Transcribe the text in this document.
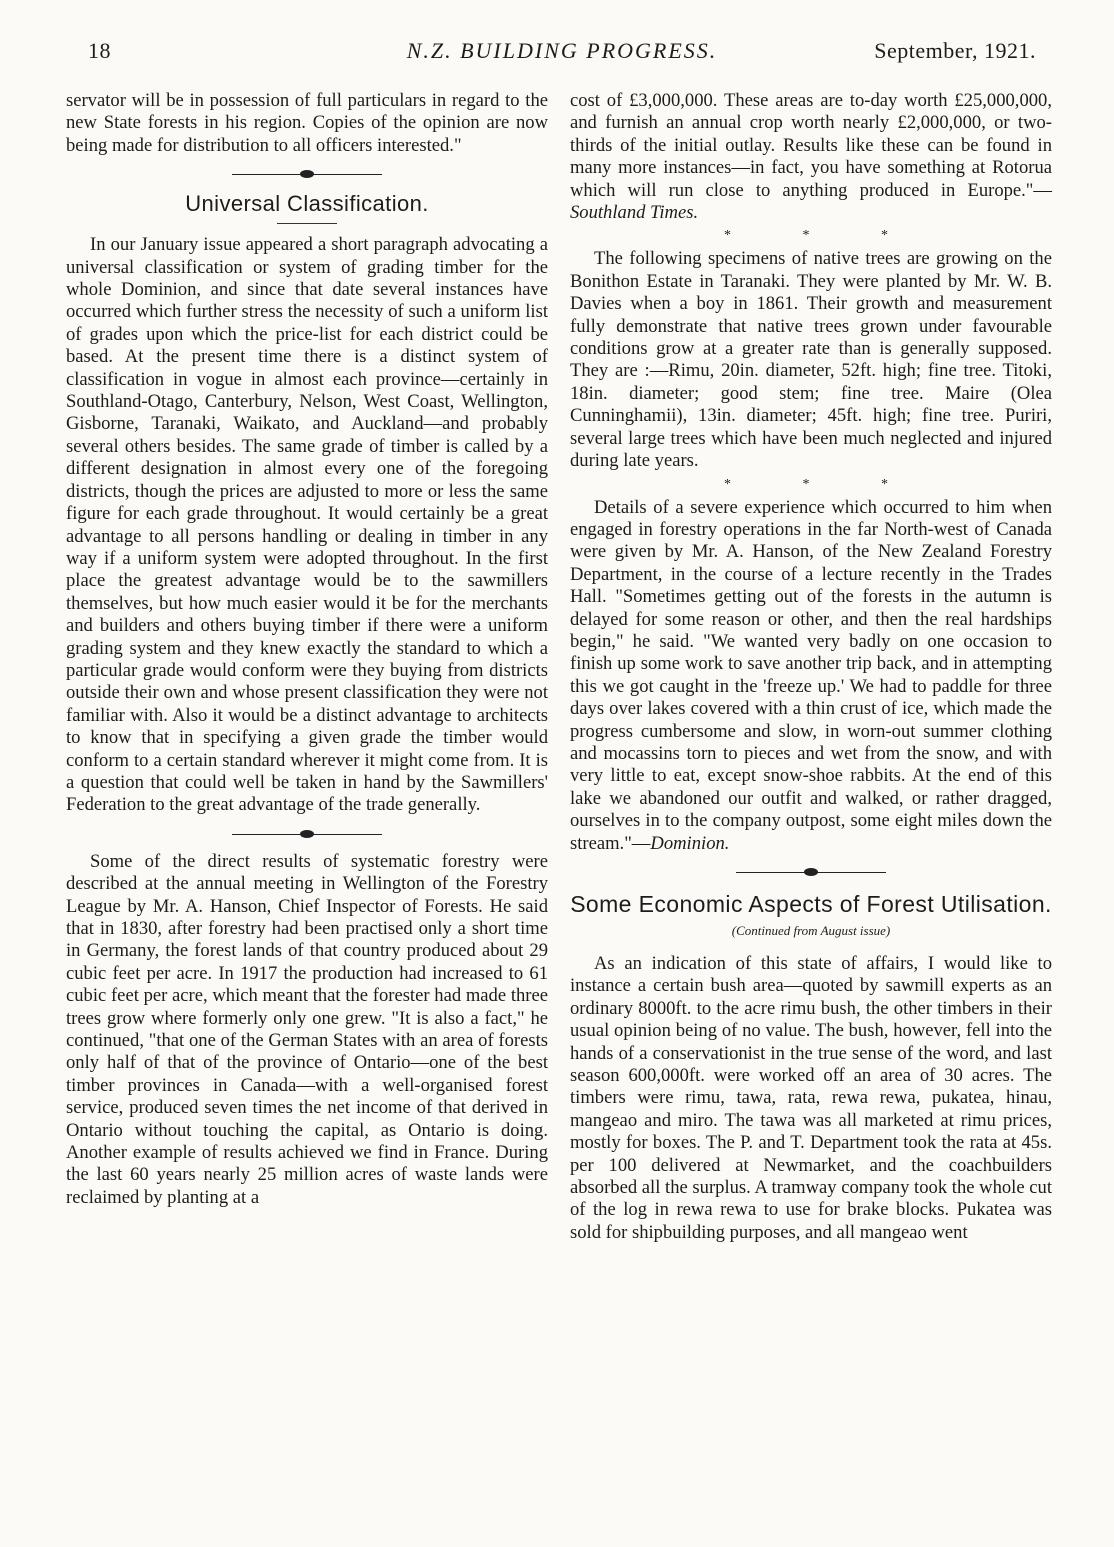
18	N.Z. BUILDING PROGRESS.	September, 1921.

servator will be in possession of full particulars in regard to the new State forests in his region. Copies of the opinion are now being made for distribution to all officers interested."

Universal Classification.

In our January issue appeared a short paragraph advocating a universal classification or system of grading timber for the whole Dominion, and since that date several instances have occurred which further stress the necessity of such a uniform list of grades upon which the price-list for each district could be based. At the present time there is a distinct system of classification in vogue in almost each province—certainly in Southland-Otago, Canterbury, Nelson, West Coast, Wellington, Gisborne, Taranaki, Waikato, and Auckland—and probably several others besides. The same grade of timber is called by a different designation in almost every one of the foregoing districts, though the prices are adjusted to more or less the same figure for each grade throughout. It would certainly be a great advantage to all persons handling or dealing in timber in any way if a uniform system were adopted throughout. In the first place the greatest advantage would be to the sawmillers themselves, but how much easier would it be for the merchants and builders and others buying timber if there were a uniform grading system and they knew exactly the standard to which a particular grade would conform were they buying from districts outside their own and whose present classification they were not familiar with. Also it would be a distinct advantage to architects to know that in specifying a given grade the timber would conform to a certain standard wherever it might come from. It is a question that could well be taken in hand by the Sawmillers' Federation to the great advantage of the trade generally.

Some of the direct results of systematic forestry were described at the annual meeting in Wellington of the Forestry League by Mr. A. Hanson, Chief Inspector of Forests. He said that in 1830, after forestry had been practised only a short time in Germany, the forest lands of that country produced about 29 cubic feet per acre. In 1917 the production had increased to 61 cubic feet per acre, which meant that the forester had made three trees grow where formerly only one grew. "It is also a fact," he continued, "that one of the German States with an area of forests only half of that of the province of Ontario—one of the best timber provinces in Canada—with a well-organised forest service, produced seven times the net income of that derived in Ontario without touching the capital, as Ontario is doing. Another example of results achieved we find in France. During the last 60 years nearly 25 million acres of waste lands were reclaimed by planting at a

cost of £3,000,000. These areas are to-day worth £25,000,000, and furnish an annual crop worth nearly £2,000,000, or two-thirds of the initial outlay. Results like these can be found in many more instances—in fact, you have something at Rotorua which will run close to anything produced in Europe."—Southland Times.

* * *

The following specimens of native trees are growing on the Bonithon Estate in Taranaki. They were planted by Mr. W. B. Davies when a boy in 1861. Their growth and measurement fully demonstrate that native trees grown under favourable conditions grow at a greater rate than is generally supposed. They are :—Rimu, 20in. diameter, 52ft. high; fine tree. Titoki, 18in. diameter; good stem; fine tree. Maire (Olea Cunninghamii), 13in. diameter; 45ft. high; fine tree. Puriri, several large trees which have been much neglected and injured during late years.

* * *

Details of a severe experience which occurred to him when engaged in forestry operations in the far North-west of Canada were given by Mr. A. Hanson, of the New Zealand Forestry Department, in the course of a lecture recently in the Trades Hall. "Sometimes getting out of the forests in the autumn is delayed for some reason or other, and then the real hardships begin," he said. "We wanted very badly on one occasion to finish up some work to save another trip back, and in attempting this we got caught in the 'freeze up.' We had to paddle for three days over lakes covered with a thin crust of ice, which made the progress cumbersome and slow, in worn-out summer clothing and mocassins torn to pieces and wet from the snow, and with very little to eat, except snow-shoe rabbits. At the end of this lake we abandoned our outfit and walked, or rather dragged, ourselves in to the company outpost, some eight miles down the stream."—Dominion.

Some Economic Aspects of Forest Utilisation.
(Continued from August issue)

As an indication of this state of affairs, I would like to instance a certain bush area—quoted by sawmill experts as an ordinary 8000ft. to the acre rimu bush, the other timbers in their usual opinion being of no value. The bush, however, fell into the hands of a conservationist in the true sense of the word, and last season 600,000ft. were worked off an area of 30 acres. The timbers were rimu, tawa, rata, rewa rewa, pukatea, hinau, mangeao and miro. The tawa was all marketed at rimu prices, mostly for boxes. The P. and T. Department took the rata at 45s. per 100 delivered at Newmarket, and the coachbuilders absorbed all the surplus. A tramway company took the whole cut of the log in rewa rewa to use for brake blocks. Pukatea was sold for shipbuilding purposes, and all mangeao went
